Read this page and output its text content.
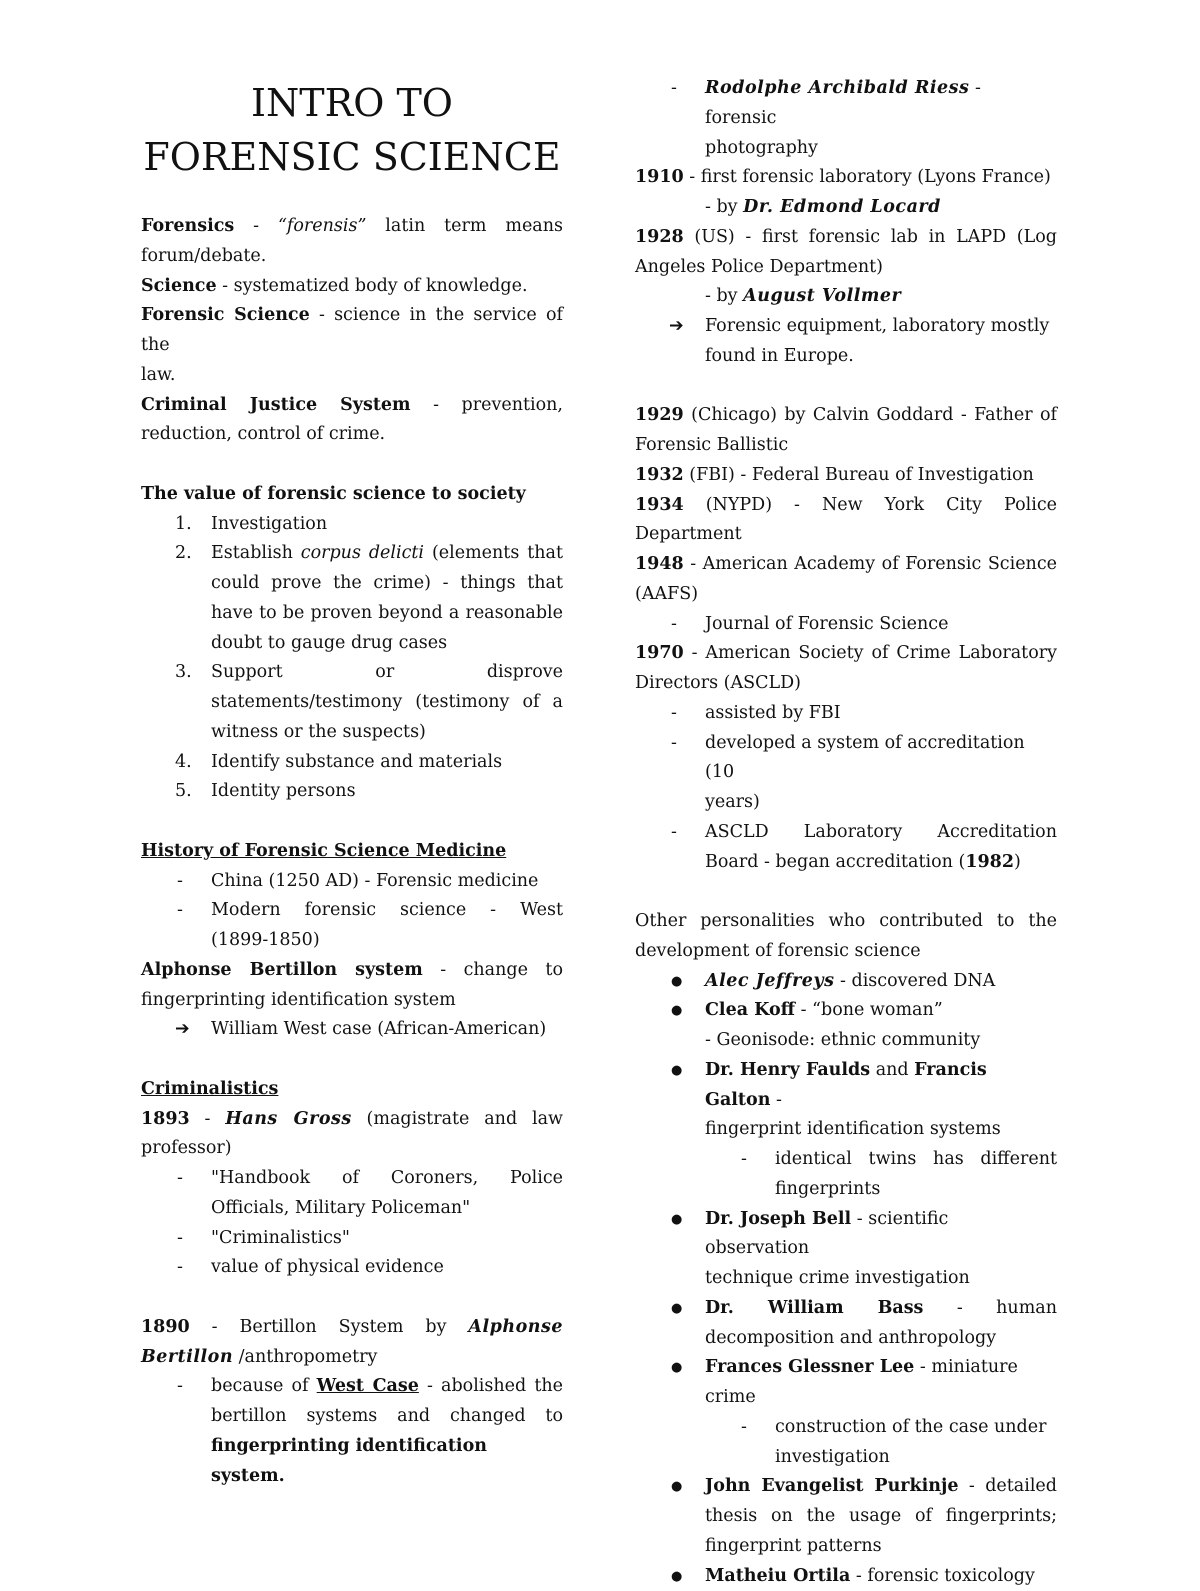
INTRO TO
FORENSIC SCIENCE

Forensics - “forensis” latin term means

forum/debate.

Science - systematized body of knowledge.

Forensic Science - science in the service of the

law.

Criminal Justice System - prevention,

reduction, control of crime.

The value of forensic science to society

1. Investigation

2. Establish corpus delicti (elements that

could prove the crime) - things that

have to be proven beyond a reasonable

doubt to gauge drug cases

3. Support or disprove

statements/testimony (testimony of a

witness or the suspects)

4. Identify substance and materials

5. Identity persons

History of Forensic Science Medicine

- China (1250 AD) - Forensic medicine

- Modern forensic science - West

(1899-1850)

Alphonse Bertillon system - change to

fingerprinting identification system

➔ William West case (African-American)

Criminalistics

1893 - Hans Gross (magistrate and law

professor)

- "Handbook of Coroners, Police

Officials, Military Policeman"

- "Criminalistics"

- value of physical evidence

1890 - Bertillon System by Alphonse

Bertillon /anthropometry

- because of West Case - abolished the

bertillon systems and changed to

fingerprinting identification system.

- Rodolphe Archibald Riess - forensic

photography

1910 - first forensic laboratory (Lyons France)

- by Dr. Edmond Locard

1928 (US) - first forensic lab in LAPD (Log

Angeles Police Department)

- by August Vollmer

➔ Forensic equipment, laboratory mostly

found in Europe.

1929 (Chicago) by Calvin Goddard - Father of

Forensic Ballistic

1932 (FBI) - Federal Bureau of Investigation

1934 (NYPD) - New York City Police

Department

1948 - American Academy of Forensic Science

(AAFS)

- Journal of Forensic Science

1970 - American Society of Crime Laboratory

Directors (ASCLD)

- assisted by FBI

- developed a system of accreditation (10

years)

- ASCLD Laboratory Accreditation

Board - began accreditation (1982)

Other personalities who contributed to the

development of forensic science

● Alec Jeffreys - discovered DNA

● Clea Koff - “bone woman”

- Geonisode: ethnic community

● Dr. Henry Faulds and Francis Galton -

fingerprint identification systems

- identical twins has different

fingerprints

● Dr. Joseph Bell - scientific observation

technique crime investigation

● Dr. William Bass - human

decomposition and anthropology

● Frances Glessner Lee - miniature crime

- construction of the case under

investigation

● John Evangelist Purkinje - detailed

thesis on the usage of fingerprints;

fingerprint patterns

● Matheiu Ortila - forensic toxicology
